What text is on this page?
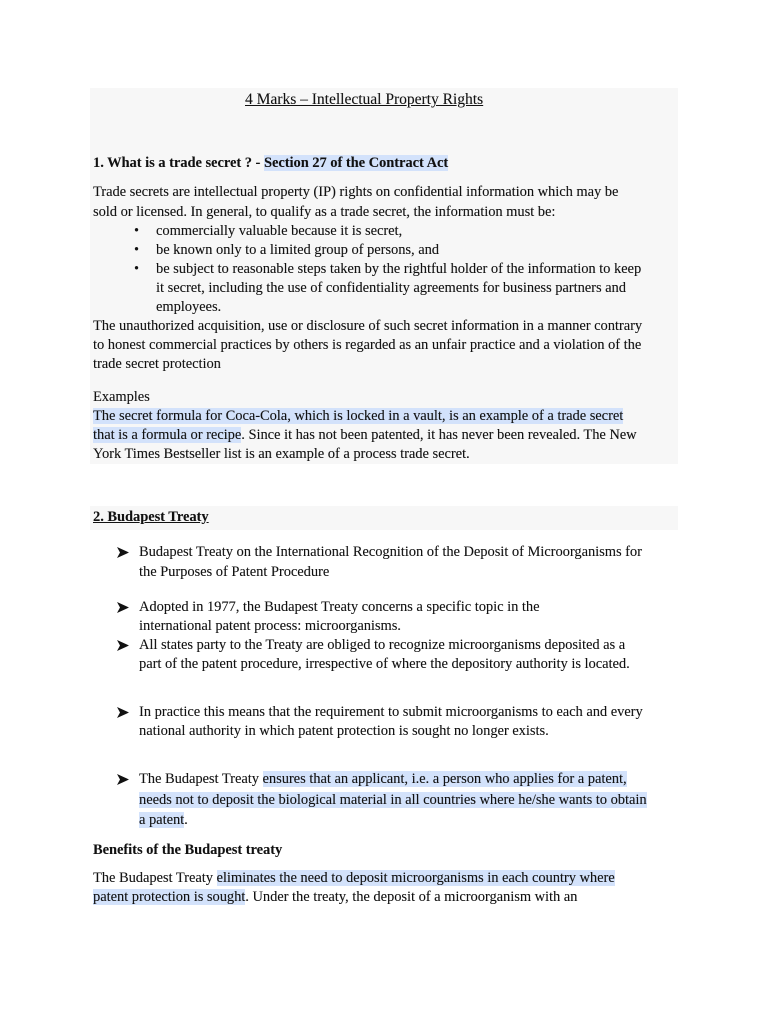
4 Marks – Intellectual Property Rights
1. What is a trade secret ? - Section 27 of the Contract Act
Trade secrets are intellectual property (IP) rights on confidential information which may be
sold or licensed. In general, to qualify as a trade secret, the information must be:
• commercially valuable because it is secret,
• be known only to a limited group of persons, and
• be subject to reasonable steps taken by the rightful holder of the information to keep
it secret, including the use of confidentiality agreements for business partners and
employees.
The unauthorized acquisition, use or disclosure of such secret information in a manner contrary
to honest commercial practices by others is regarded as an unfair practice and a violation of the
trade secret protection
Examples
The secret formula for Coca-Cola, which is locked in a vault, is an example of a trade secret
that is a formula or recipe. Since it has not been patented, it has never been revealed. The New
York Times Bestseller list is an example of a process trade secret.
2. Budapest Treaty
Budapest Treaty on the International Recognition of the Deposit of Microorganisms for
the Purposes of Patent Procedure
Adopted in 1977, the Budapest Treaty concerns a specific topic in the
international patent process: microorganisms.
All states party to the Treaty are obliged to recognize microorganisms deposited as a
part of the patent procedure, irrespective of where the depository authority is located.
In practice this means that the requirement to submit microorganisms to each and every
national authority in which patent protection is sought no longer exists.
The Budapest Treaty ensures that an applicant, i.e. a person who applies for a patent,
needs not to deposit the biological material in all countries where he/she wants to obtain
a patent.
Benefits of the Budapest treaty
The Budapest Treaty eliminates the need to deposit microorganisms in each country where
patent protection is sought. Under the treaty, the deposit of a microorganism with an
